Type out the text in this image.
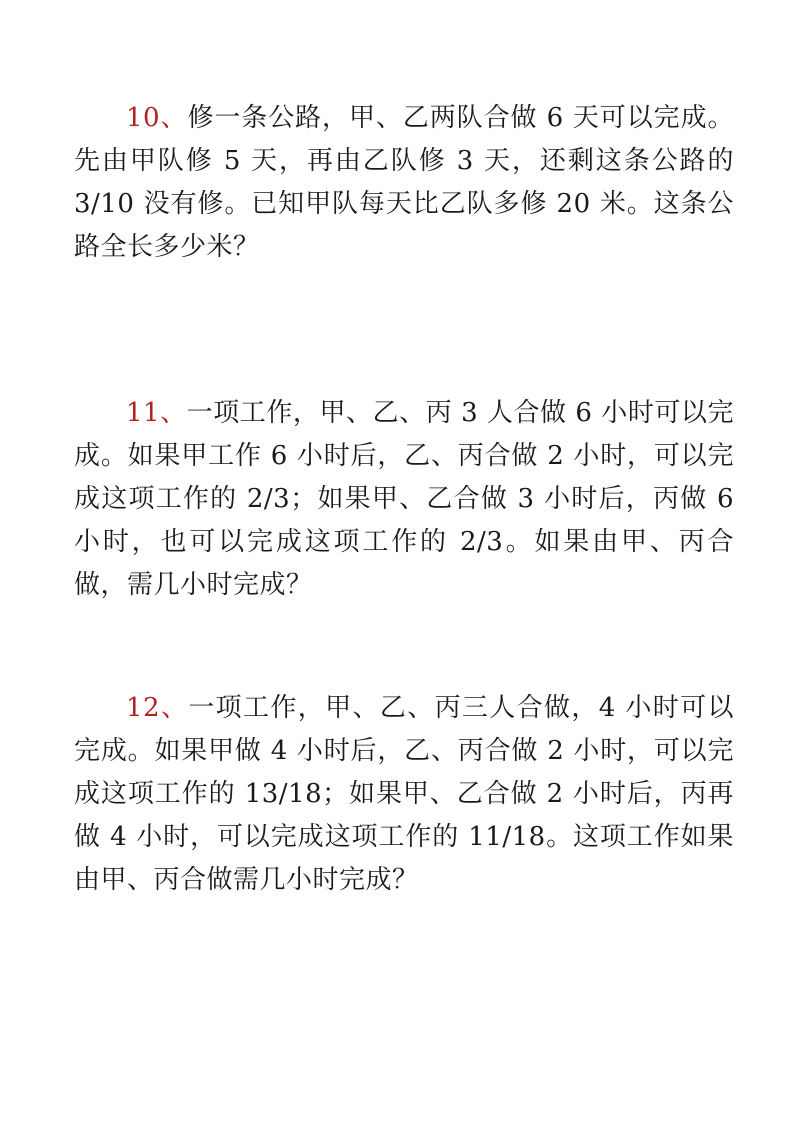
10、修一条公路，甲、乙两队合做 6 天可以完成。先由甲队修 5 天，再由乙队修 3 天，还剩这条公路的 3/10 没有修。已知甲队每天比乙队多修 20 米。这条公路全长多少米？

11、一项工作，甲、乙、丙 3 人合做 6 小时可以完成。如果甲工作 6 小时后，乙、丙合做 2 小时，可以完成这项工作的 2/3；如果甲、乙合做 3 小时后，丙做 6 小时，也可以完成这项工作的 2/3。如果由甲、丙合做，需几小时完成？

12、一项工作，甲、乙、丙三人合做，4 小时可以完成。如果甲做 4 小时后，乙、丙合做 2 小时，可以完成这项工作的 13/18；如果甲、乙合做 2 小时后，丙再做 4 小时，可以完成这项工作的 11/18。这项工作如果由甲、丙合做需几小时完成？
